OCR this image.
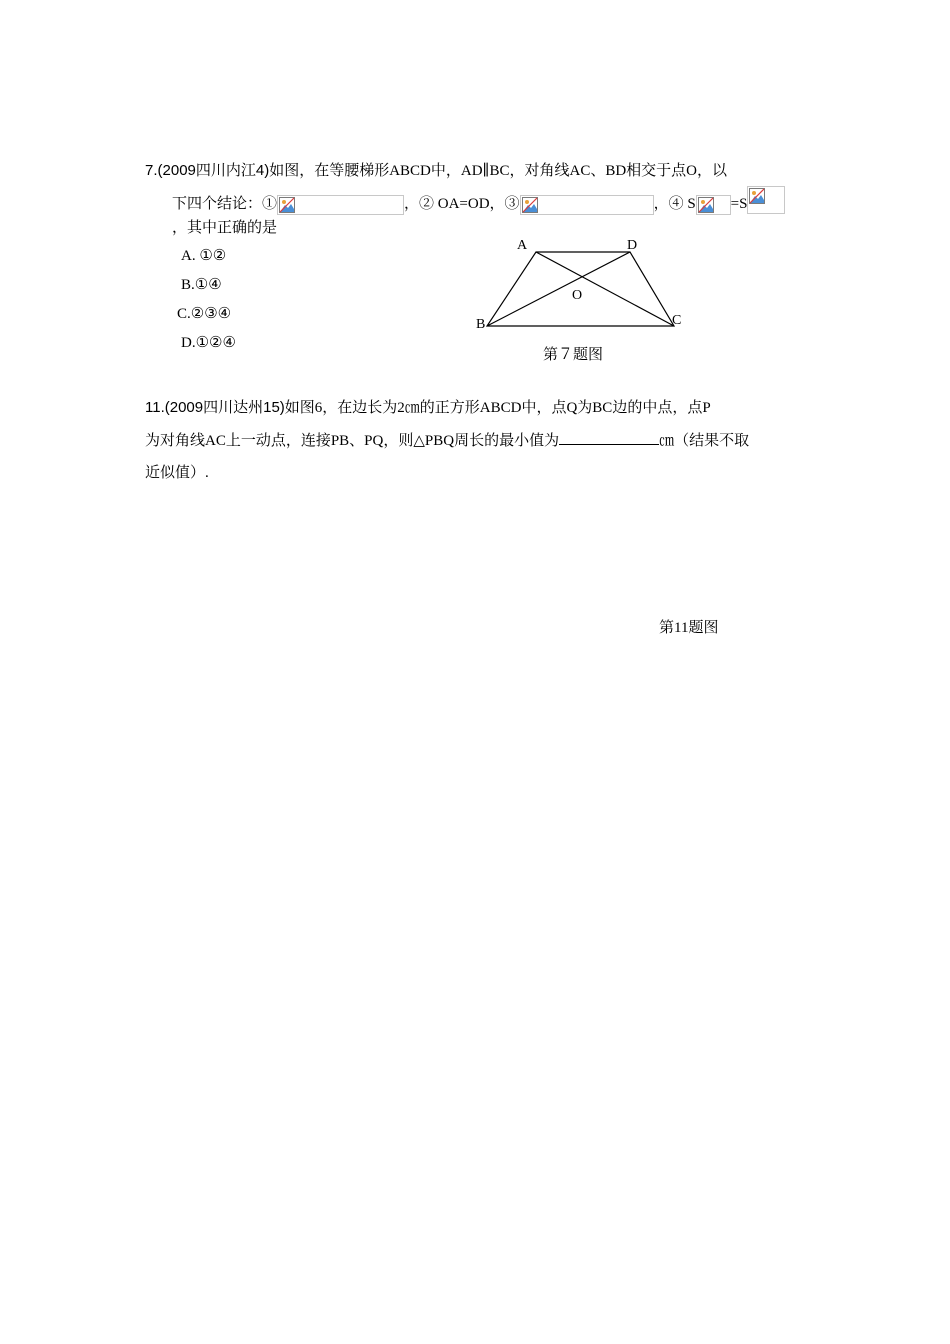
7.(2009四川内江4)如图，在等腰梯形ABCD中，AD∥BC，对角线AC、BD相交于点O，以
下四个结论：①	，② OA=OD，③	，④ S =S
，其中正确的是
A. ①②
B.①④
C.②③④
D.①②④
A	D
O
B	C
第７题图
11.(2009四川达州15)如图6，在边长为2㎝的正方形ABCD中，点Q为BC边的中点，点P
为对角线AC上一动点，连接PB、PQ，则△PBQ周长的最小值为	㎝（结果不取
近似值）.
第11题图
